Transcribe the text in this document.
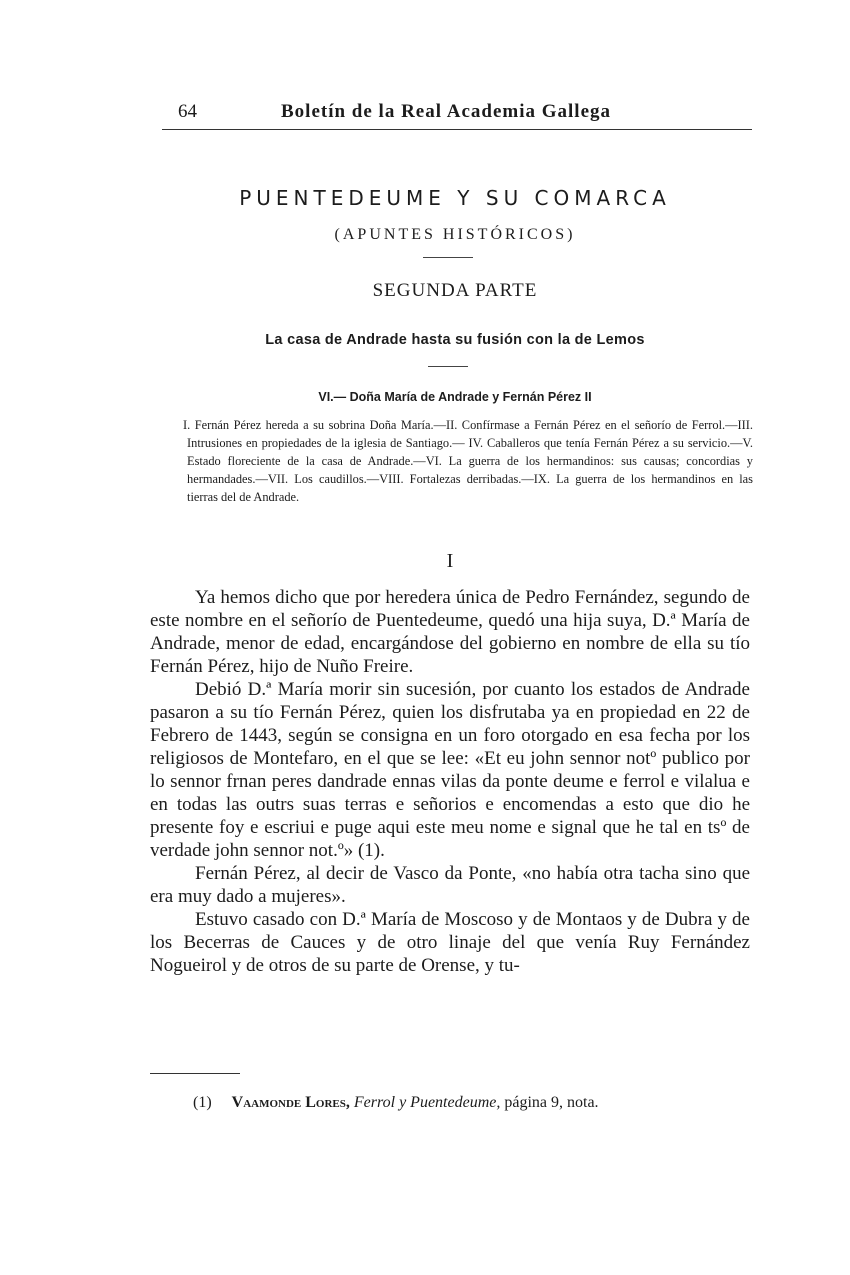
64	Boletín de la Real Academia Gallega
PUENTEDEUME Y SU COMARCA
(APUNTES HISTÓRICOS)
SEGUNDA PARTE
La casa de Andrade hasta su fusión con la de Lemos
VI.— Doña María de Andrade y Fernán Pérez II
I. Fernán Pérez hereda a su sobrina Doña María.—II. Confírmase a Fernán Pérez en el señorío de Ferrol.—III. Intrusiones en propiedades de la iglesia de Santiago.— IV. Caballeros que tenía Fernán Pérez a su servicio.—V. Estado floreciente de la casa de Andrade.—VI. La guerra de los hermandinos: sus causas; concordias y hermandades.—VII. Los caudillos.—VIII. Fortalezas derribadas.—IX. La guerra de los hermandinos en las tierras del de Andrade.
I

Ya hemos dicho que por heredera única de Pedro Fernández, segundo de este nombre en el señorío de Puentedeume, quedó una hija suya, D.ª María de Andrade, menor de edad, encargándose del gobierno en nombre de ella su tío Fernán Pérez, hijo de Nuño Freire.

Debió D.ª María morir sin sucesión, por cuanto los estados de Andrade pasaron a su tío Fernán Pérez, quien los disfrutaba ya en propiedad en 22 de Febrero de 1443, según se consigna en un foro otorgado en esa fecha por los religiosos de Montefaro, en el que se lee: «Et eu john sennor notº publico por lo sennor frnan peres dandrade ennas vilas da ponte deume e ferrol e vilalua e en todas las outrs suas terras e señorios e encomendas a esto que dio he presente foy e escriui e puge aqui este meu nome e signal que he tal en tsº de verdade john sennor not.º» (1).

Fernán Pérez, al decir de Vasco da Ponte, «no había otra tacha sino que era muy dado a mujeres».

Estuvo casado con D.ª María de Moscoso y de Montaos y de Dubra y de los Becerras de Cauces y de otro linaje del que venía Ruy Fernández Nogueirol y de otros de su parte de Orense, y tu-

(1) Vaamonde Lores, Ferrol y Puentedeume, página 9, nota.
